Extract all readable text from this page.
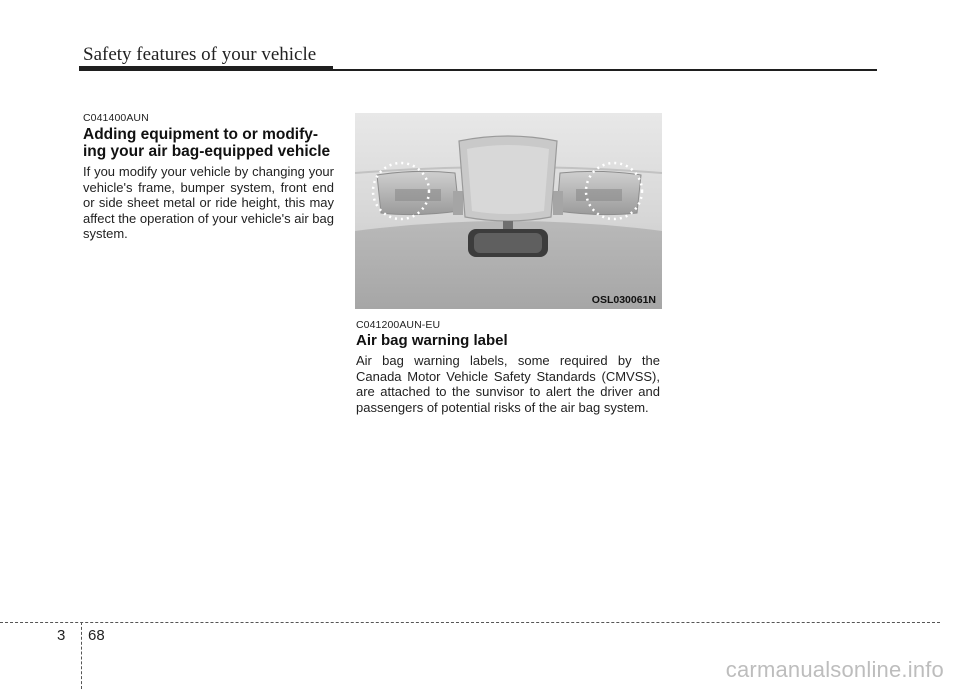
Safety features of your vehicle
C041400AUN
Adding equipment to or modify-
ing your air bag-equipped vehicle
If you modify your vehicle by changing your vehicle's frame, bumper system, front end or side sheet metal or ride height, this may affect the operation of your vehicle's air bag system.
OSL030061N
C041200AUN-EU
Air bag warning label
Air bag warning labels, some required by the Canada Motor Vehicle Safety Standards (CMVSS), are attached to the sunvisor to alert the driver and passengers of potential risks of the air bag system.
3 68
carmanualsonline.info
